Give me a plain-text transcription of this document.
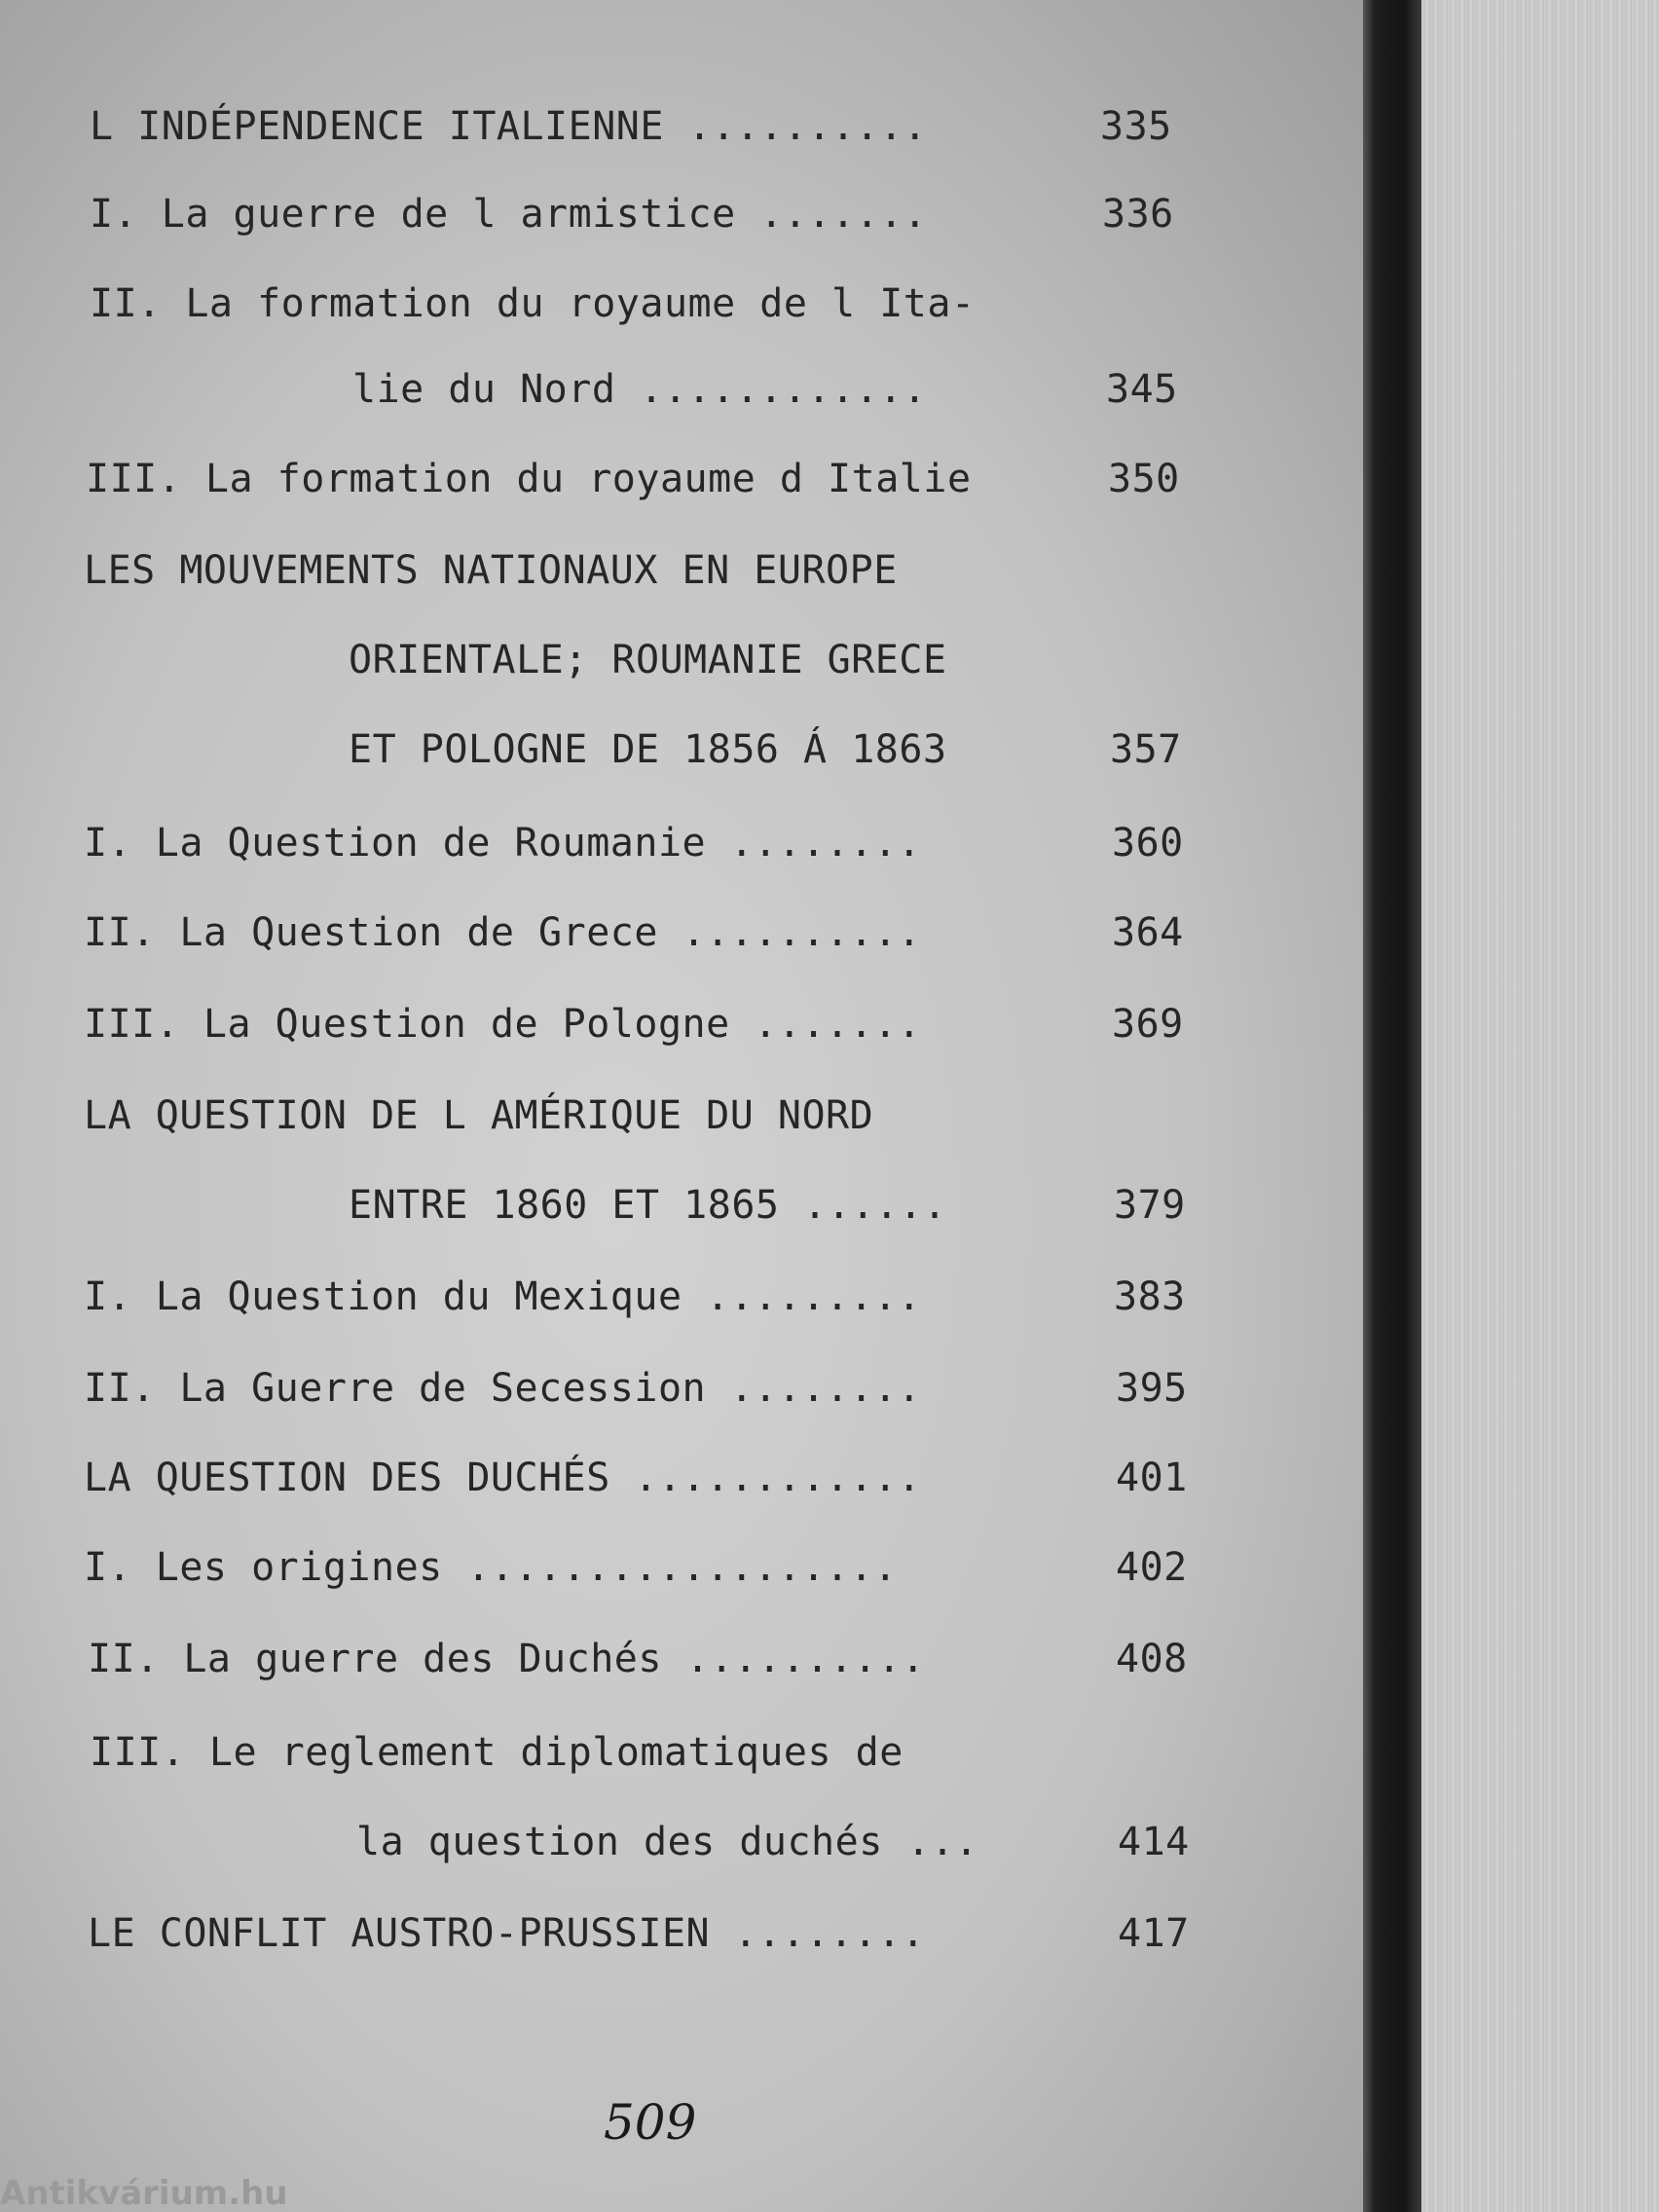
L INDÉPENDENCE ITALIENNE ..........	335
I. La guerre de l armistice .......	336
II. La formation du royaume de l Ita-
lie du Nord ............	345
III. La formation du royaume d Italie	350
LES MOUVEMENTS NATIONAUX EN EUROPE
ORIENTALE; ROUMANIE GRECE
ET POLOGNE DE 1856 Á 1863	357
I. La Question de Roumanie ........	360
II. La Question de Grece ..........	364
III. La Question de Pologne .......	369
LA QUESTION DE L AMÉRIQUE DU NORD
ENTRE 1860 ET 1865 ......	379
I. La Question du Mexique .........	383
II. La Guerre de Secession ........	395
LA QUESTION DES DUCHÉS ............	401
I. Les origines ..................	402
II. La guerre des Duchés ..........	408
III. Le reglement diplomatiques de
la question des duchés ...	414
LE CONFLIT AUSTRO-PRUSSIEN ........	417
509
Antikvárium.hu
